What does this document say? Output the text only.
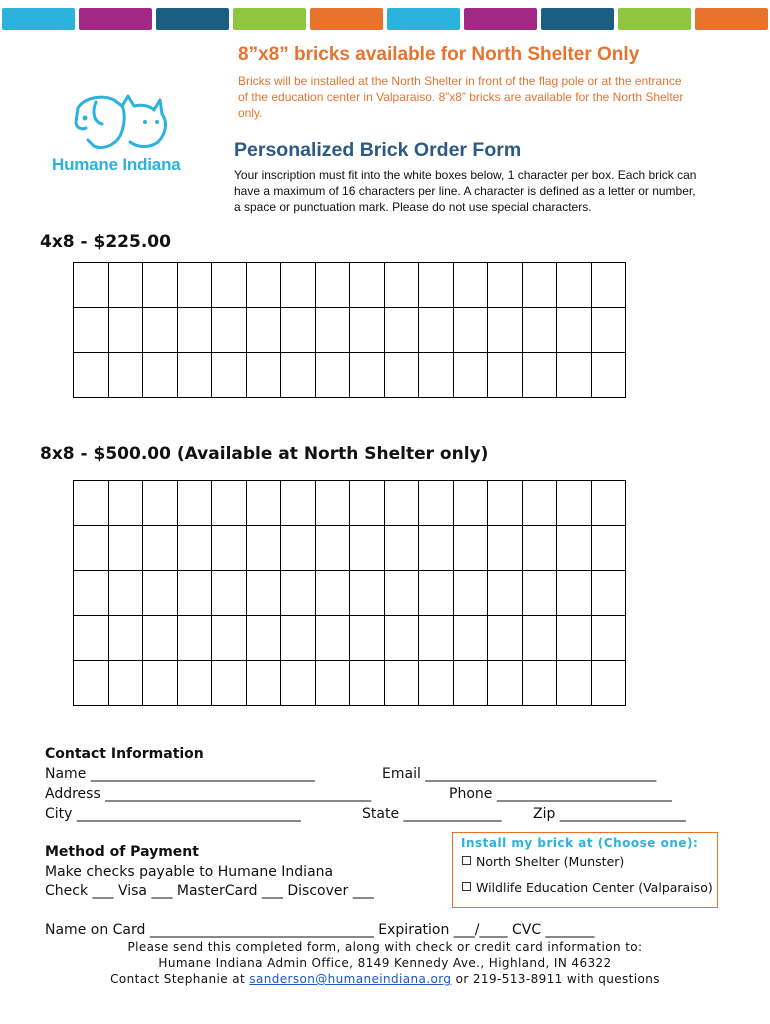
Humane Indiana
8”x8” bricks available for North Shelter Only
Bricks will be installed at the North Shelter in front of the flag pole or at the entrance of the education center in Valparaiso. 8”x8” bricks are available for the North Shelter only.
Personalized Brick Order Form
Your inscription must fit into the white boxes below, 1 character per box. Each brick can have a maximum of 16 characters per line. A character is defined as a letter or number, a space or punctuation mark. Please do not use special characters.
4x8 - $225.00

8x8 - $500.00 (Available at North Shelter only)

Contact Information
Name ________________________________	Email _________________________________
Address ______________________________________	Phone _________________________
City ________________________________	State ______________ Zip __________________
Method of Payment
Make checks payable to Humane Indiana
Check ___ Visa ___ MasterCard ___ Discover ___
Install my brick at (Choose one):
North Shelter (Munster)
Wildlife Education Center (Valparaiso)
Name on Card ________________________________ Expiration ___/____ CVC _______
Please send this completed form, along with check or credit card information to:
Humane Indiana Admin Office, 8149 Kennedy Ave., Highland, IN 46322
Contact Stephanie at sanderson@humaneindiana.org or 219-513-8911 with questions
